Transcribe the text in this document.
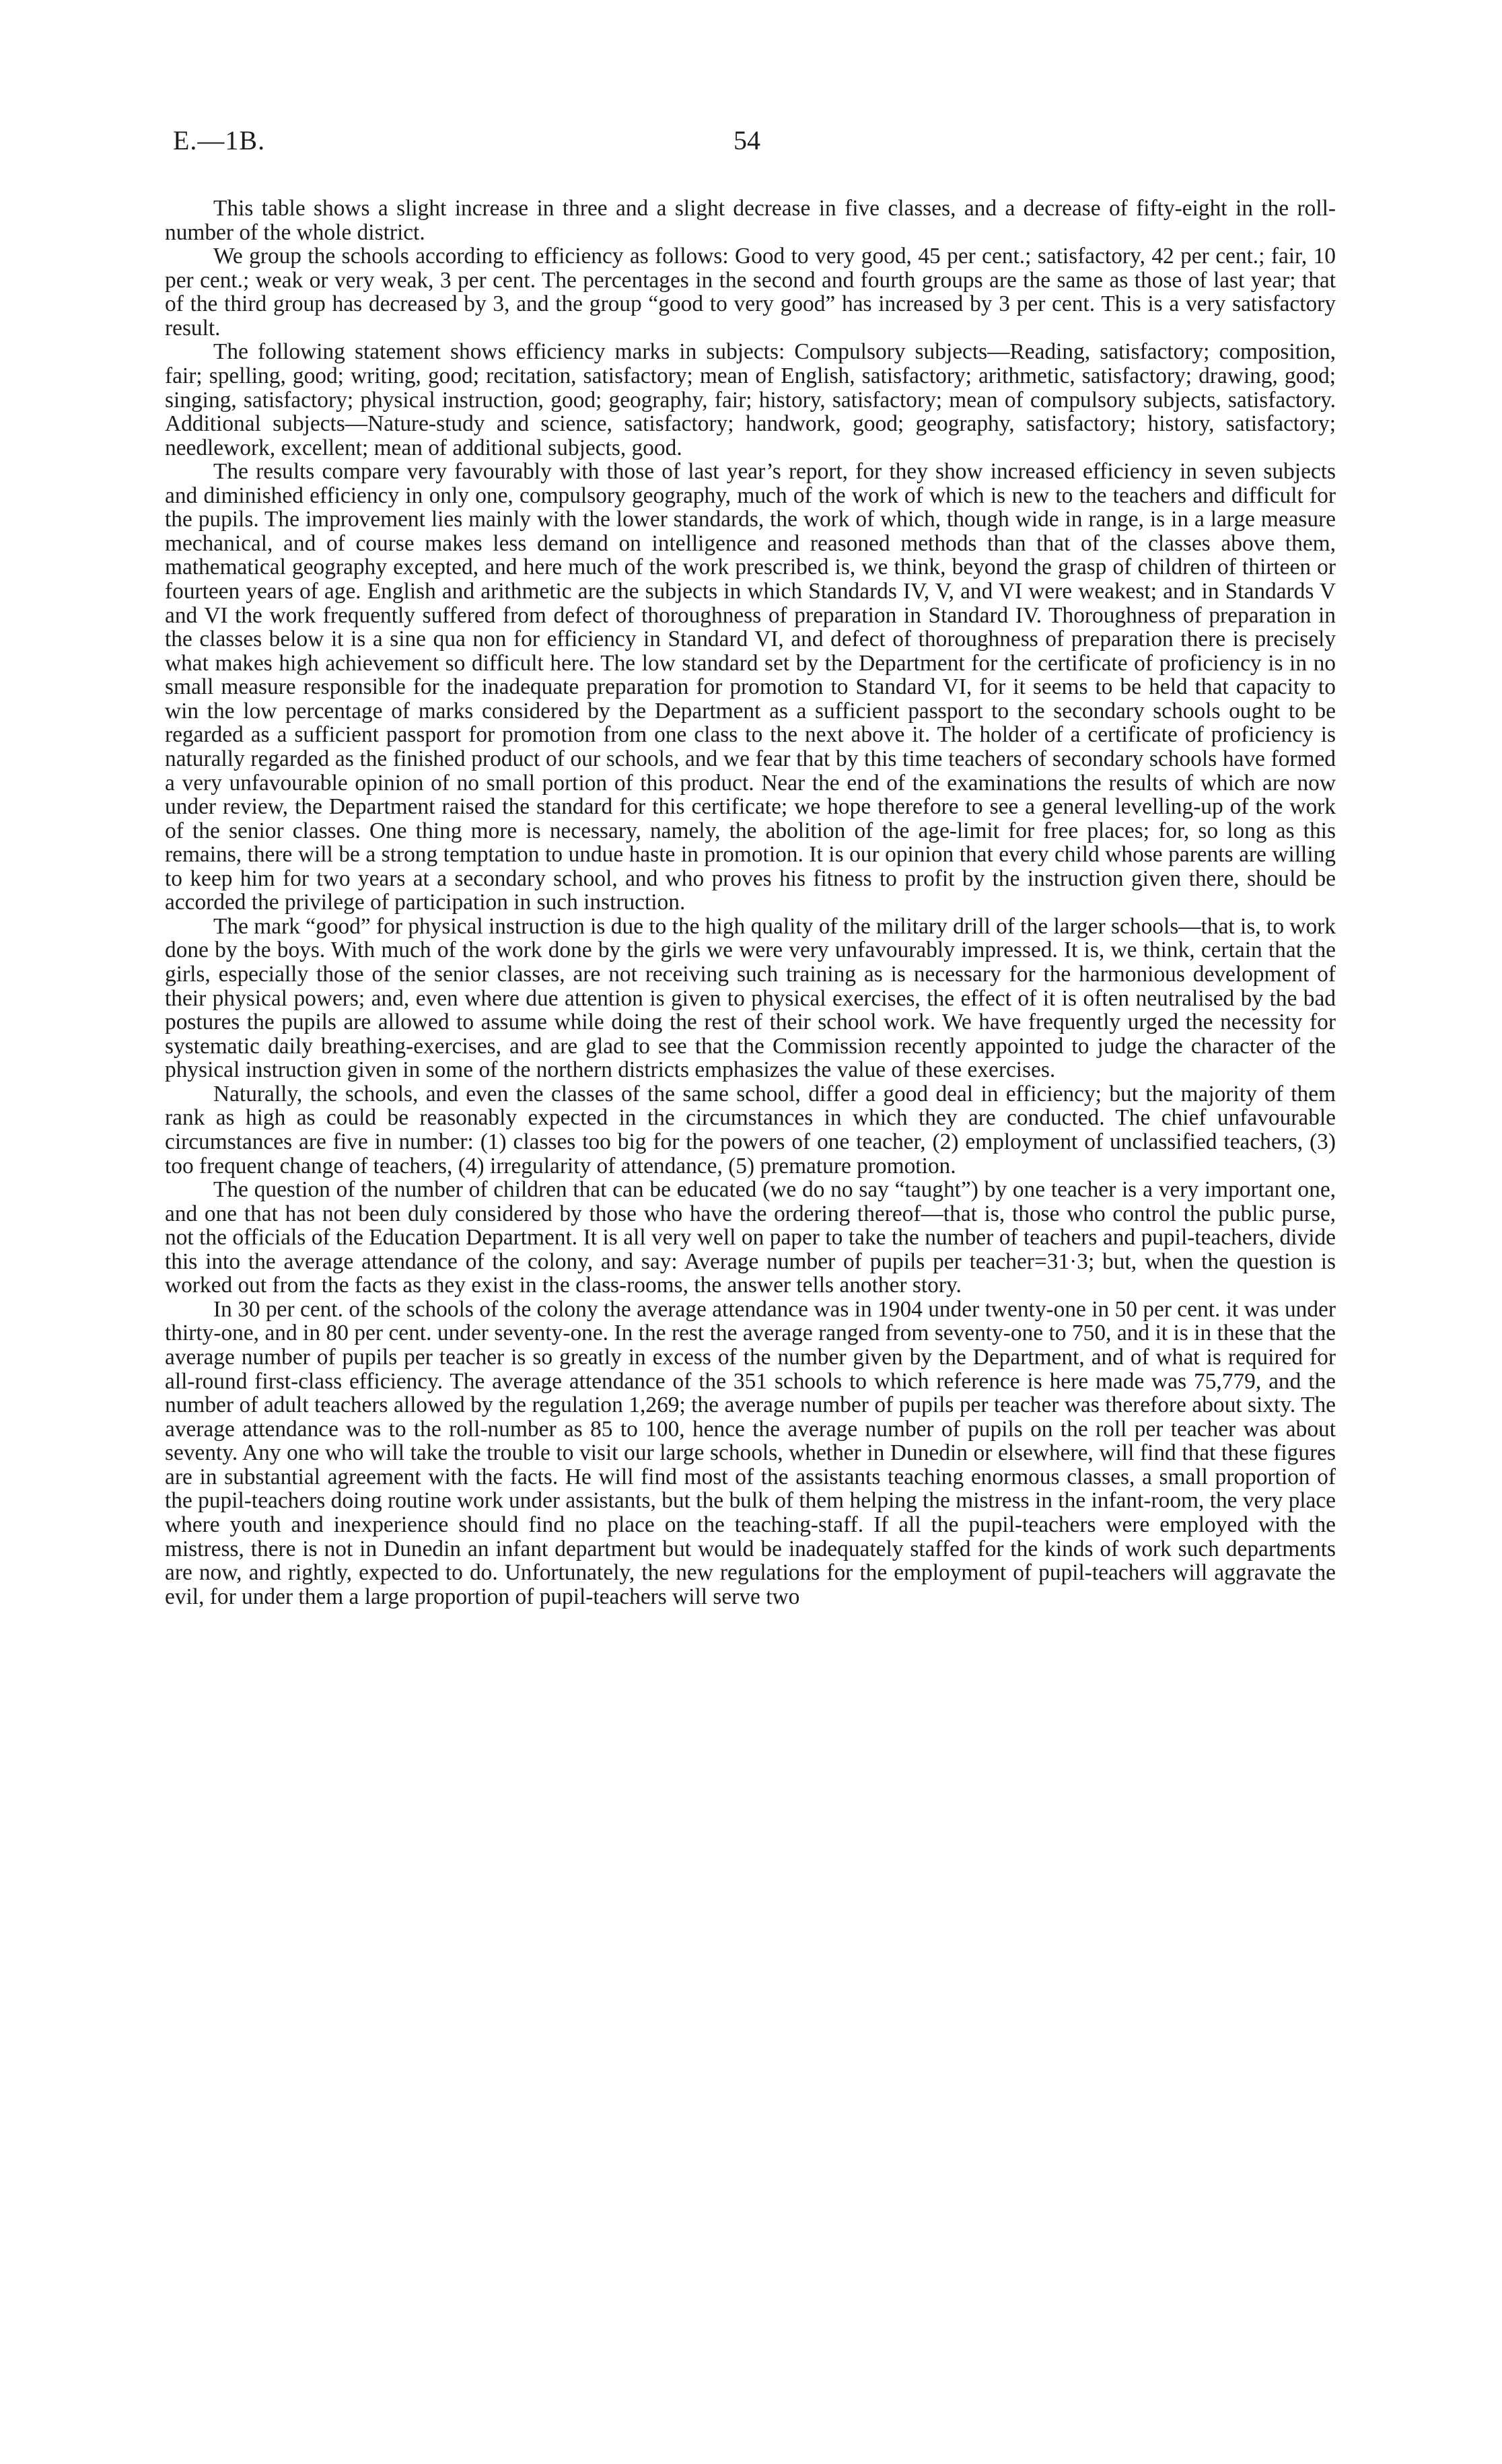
E.—1B.	54

This table shows a slight increase in three and a slight decrease in five classes, and a decrease of fifty-eight in the roll-number of the whole district.

We group the schools according to efficiency as follows: Good to very good, 45 per cent.; satisfactory, 42 per cent.; fair, 10 per cent.; weak or very weak, 3 per cent. The percentages in the second and fourth groups are the same as those of last year; that of the third group has decreased by 3, and the group “good to very good” has increased by 3 per cent. This is a very satisfactory result.

The following statement shows efficiency marks in subjects: Compulsory subjects—Reading, satisfactory; composition, fair; spelling, good; writing, good; recitation, satisfactory; mean of English, satisfactory; arithmetic, satisfactory; drawing, good; singing, satisfactory; physical instruction, good; geography, fair; history, satisfactory; mean of compulsory subjects, satisfactory. Additional subjects—Nature-study and science, satisfactory; handwork, good; geography, satisfactory; history, satisfactory; needlework, excellent; mean of additional subjects, good.

The results compare very favourably with those of last year’s report, for they show increased efficiency in seven subjects and diminished efficiency in only one, compulsory geography, much of the work of which is new to the teachers and difficult for the pupils. The improvement lies mainly with the lower standards, the work of which, though wide in range, is in a large measure mechanical, and of course makes less demand on intelligence and reasoned methods than that of the classes above them, mathematical geography excepted, and here much of the work prescribed is, we think, beyond the grasp of children of thirteen or fourteen years of age. English and arithmetic are the subjects in which Standards IV, V, and VI were weakest; and in Standards V and VI the work frequently suffered from defect of thoroughness of preparation in Standard IV. Thoroughness of preparation in the classes below it is a sine qua non for efficiency in Standard VI, and defect of thoroughness of preparation there is precisely what makes high achievement so difficult here. The low standard set by the Department for the certificate of proficiency is in no small measure responsible for the inadequate preparation for promotion to Standard VI, for it seems to be held that capacity to win the low percentage of marks considered by the Department as a sufficient passport to the secondary schools ought to be regarded as a sufficient passport for promotion from one class to the next above it. The holder of a certificate of proficiency is naturally regarded as the finished product of our schools, and we fear that by this time teachers of secondary schools have formed a very unfavourable opinion of no small portion of this product. Near the end of the examinations the results of which are now under review, the Department raised the standard for this certificate; we hope therefore to see a general levelling-up of the work of the senior classes. One thing more is necessary, namely, the abolition of the age-limit for free places; for, so long as this remains, there will be a strong temptation to undue haste in promotion. It is our opinion that every child whose parents are willing to keep him for two years at a secondary school, and who proves his fitness to profit by the instruction given there, should be accorded the privilege of participation in such instruction.

The mark “good” for physical instruction is due to the high quality of the military drill of the larger schools—that is, to work done by the boys. With much of the work done by the girls we were very unfavourably impressed. It is, we think, certain that the girls, especially those of the senior classes, are not receiving such training as is necessary for the harmonious development of their physical powers; and, even where due attention is given to physical exercises, the effect of it is often neutralised by the bad postures the pupils are allowed to assume while doing the rest of their school work. We have frequently urged the necessity for systematic daily breathing-exercises, and are glad to see that the Commission recently appointed to judge the character of the physical instruction given in some of the northern districts emphasizes the value of these exercises.

Naturally, the schools, and even the classes of the same school, differ a good deal in efficiency; but the majority of them rank as high as could be reasonably expected in the circumstances in which they are conducted. The chief unfavourable circumstances are five in number: (1) classes too big for the powers of one teacher, (2) employment of unclassified teachers, (3) too frequent change of teachers, (4) irregularity of attendance, (5) premature promotion.

The question of the number of children that can be educated (we do no say “taught”) by one teacher is a very important one, and one that has not been duly considered by those who have the ordering thereof—that is, those who control the public purse, not the officials of the Education Department. It is all very well on paper to take the number of teachers and pupil-teachers, divide this into the average attendance of the colony, and say: Average number of pupils per teacher=31·3; but, when the question is worked out from the facts as they exist in the class-rooms, the answer tells another story.

In 30 per cent. of the schools of the colony the average attendance was in 1904 under twenty-one in 50 per cent. it was under thirty-one, and in 80 per cent. under seventy-one. In the rest the average ranged from seventy-one to 750, and it is in these that the average number of pupils per teacher is so greatly in excess of the number given by the Department, and of what is required for all-round first-class efficiency. The average attendance of the 351 schools to which reference is here made was 75,779, and the number of adult teachers allowed by the regulation 1,269; the average number of pupils per teacher was therefore about sixty. The average attendance was to the roll-number as 85 to 100, hence the average number of pupils on the roll per teacher was about seventy. Any one who will take the trouble to visit our large schools, whether in Dunedin or elsewhere, will find that these figures are in substantial agreement with the facts. He will find most of the assistants teaching enormous classes, a small proportion of the pupil-teachers doing routine work under assistants, but the bulk of them helping the mistress in the infant-room, the very place where youth and inexperience should find no place on the teaching-staff. If all the pupil-teachers were employed with the mistress, there is not in Dunedin an infant department but would be inadequately staffed for the kinds of work such departments are now, and rightly, expected to do. Unfortunately, the new regulations for the employment of pupil-teachers will aggravate the evil, for under them a large proportion of pupil-teachers will serve two
